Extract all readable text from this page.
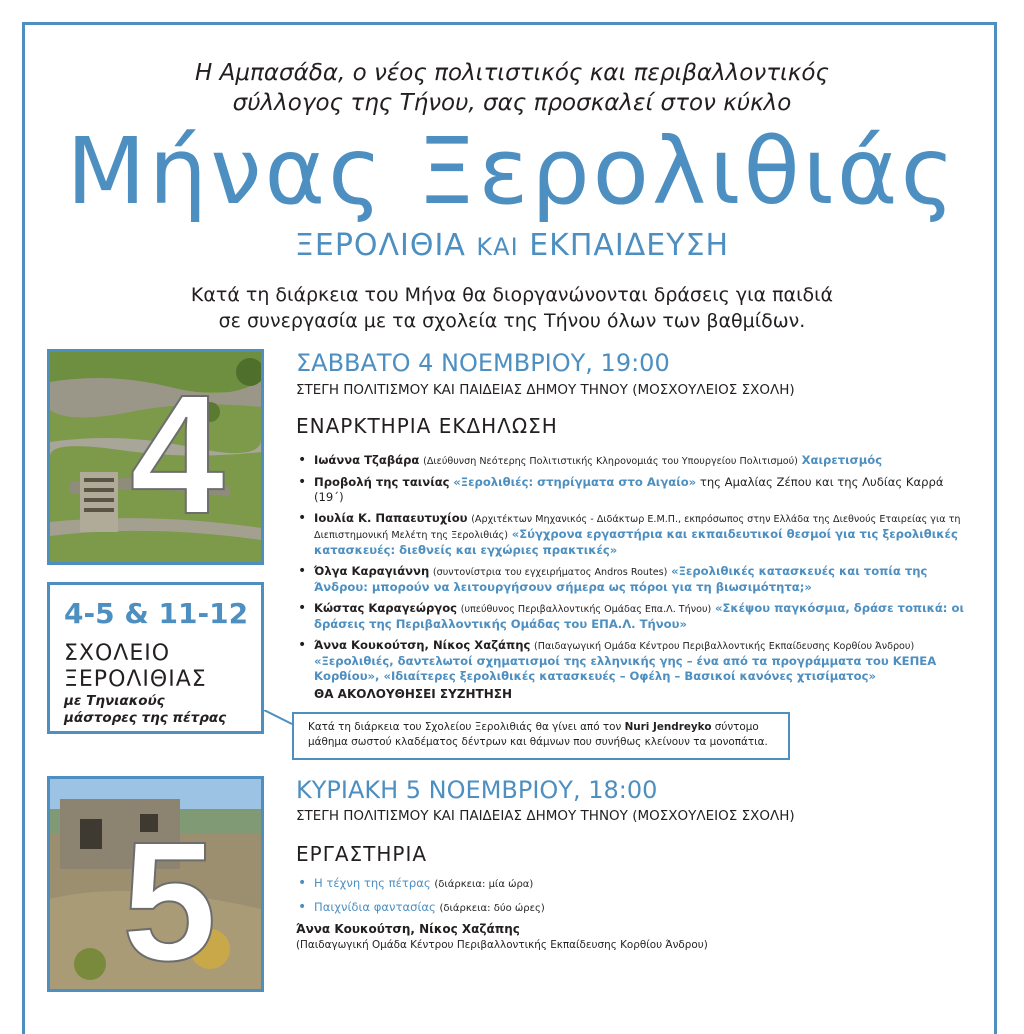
Η Αμπασάδα, ο νέος πολιτιστικός και περιβαλλοντικός
σύλλογος της Τήνου, σας προσκαλεί στον κύκλο
Μήνας Ξερολιθιάς
ΞΕΡΟΛΙΘΙΑ ΚΑΙ ΕΚΠΑΙΔΕΥΣΗ
Κατά τη διάρκεια του Μήνα θα διοργανώνονται δράσεις για παιδιά
σε συνεργασία με τα σχολεία της Τήνου όλων των βαθμίδων.
4	ΣΑΒΒΑΤΟ 4 ΝΟΕΜΒΡΙΟΥ, 19:00
ΣΤΕΓΗ ΠΟΛΙΤΙΣΜΟΥ ΚΑΙ ΠΑΙΔΕΙΑΣ ΔΗΜΟΥ ΤΗΝΟΥ (ΜΟΣΧΟΥΛΕΙΟΣ ΣΧΟΛΗ)
ΕΝΑΡΚΤΗΡΙΑ ΕΚΔΗΛΩΣΗ
• Ιωάννα Τζαβάρα (Διεύθυνση Νεότερης Πολιτιστικής Κληρονομιάς του Υπουργείου Πολιτισμού) Χαιρετισμός
• Προβολή της ταινίας «Ξερολιθιές: στηρίγματα στο Αιγαίο» της Αμαλίας Ζέπου και της Λυδίας Καρρά (19΄)
• Ιουλία Κ. Παπαευτυχίου (Αρχιτέκτων Μηχανικός - Διδάκτωρ Ε.Μ.Π., εκπρόσωπος στην Ελλάδα της Διεθνούς Εταιρείας για τη Διεπιστημονική Μελέτη της Ξερολιθιάς) «Σύγχρονα εργαστήρια και εκπαιδευτικοί θεσμοί για τις ξερολιθικές κατασκευές: διεθνείς και εγχώριες πρακτικές»
• Όλγα Καραγιάννη (συντονίστρια του εγχειρήματος Andros Routes) «Ξερολιθικές κατασκευές και τοπία της Άνδρου: μπορούν να λειτουργήσουν σήμερα ως πόροι για τη βιωσιμότητα;»
• Κώστας Καραγεώργος (υπεύθυνος Περιβαλλοντικής Ομάδας Επα.Λ. Τήνου) «Σκέψου παγκόσμια, δράσε τοπικά: οι δράσεις της Περιβαλλοντικής Ομάδας του ΕΠΑ.Λ. Τήνου»
• Άννα Κουκούτση, Νίκος Χαζάπης (Παιδαγωγική Ομάδα Κέντρου Περιβαλλοντικής Εκπαίδευσης Κορθίου Άνδρου) «Ξερολιθιές, δαντελωτοί σχηματισμοί της ελληνικής γης – ένα από τα προγράμματα του ΚΕΠΕΑ Κορθίου», «Ιδιαίτερες ξερολιθικές κατασκευές – Οφέλη – Βασικοί κανόνες χτισίματος»
ΘΑ ΑΚΟΛΟΥΘΗΣΕΙ ΣΥΖΗΤΗΣΗ
4-5 & 11-12
ΣΧΟΛΕΙΟ
ΞΕΡΟΛΙΘΙΑΣ
με Τηνιακούς
μάστορες της πέτρας
Κατά τη διάρκεια του Σχολείου Ξερολιθιάς θα γίνει από τον Nuri Jendreyko σύντομο μάθημα σωστού κλαδέματος δέντρων και θάμνων που συνήθως κλείνουν τα μονοπάτια.
5
ΚΥΡΙΑΚΗ 5 ΝΟΕΜΒΡΙΟΥ, 18:00
ΣΤΕΓΗ ΠΟΛΙΤΙΣΜΟΥ ΚΑΙ ΠΑΙΔΕΙΑΣ ΔΗΜΟΥ ΤΗΝΟΥ (ΜΟΣΧΟΥΛΕΙΟΣ ΣΧΟΛΗ)
ΕΡΓΑΣΤΗΡΙΑ
• Η τέχνη της πέτρας (διάρκεια: μία ώρα)
• Παιχνίδια φαντασίας (διάρκεια: δύο ώρες)
Άννα Κουκούτση, Νίκος Χαζάπης
(Παιδαγωγική Ομάδα Κέντρου Περιβαλλοντικής Εκπαίδευσης Κορθίου Άνδρου)
